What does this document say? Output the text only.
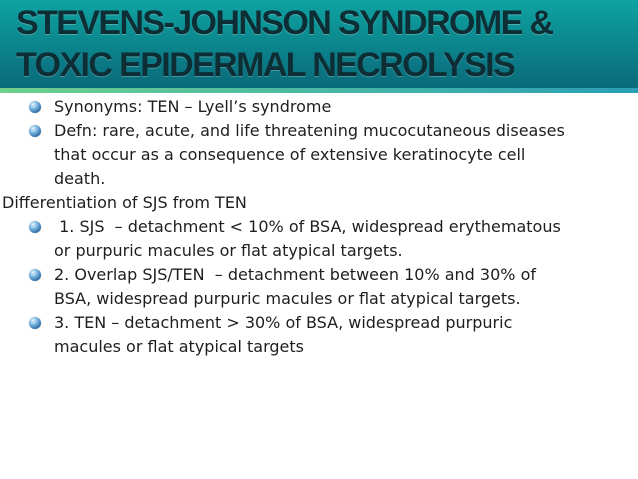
STEVENS-JOHNSON SYNDROME &
TOXIC EPIDERMAL NECROLYSIS
Synonyms: TEN – Lyell’s syndrome
Defn: rare, acute, and life threatening mucocutaneous diseases
that occur as a consequence of extensive keratinocyte cell
death.
Differentiation of SJS from TEN
1. SJS  – detachment < 10% of BSA, widespread erythematous
or purpuric macules or flat atypical targets.
2. Overlap SJS/TEN  – detachment between 10% and 30% of
BSA, widespread purpuric macules or flat atypical targets.
3. TEN – detachment > 30% of BSA, widespread purpuric
macules or flat atypical targets
